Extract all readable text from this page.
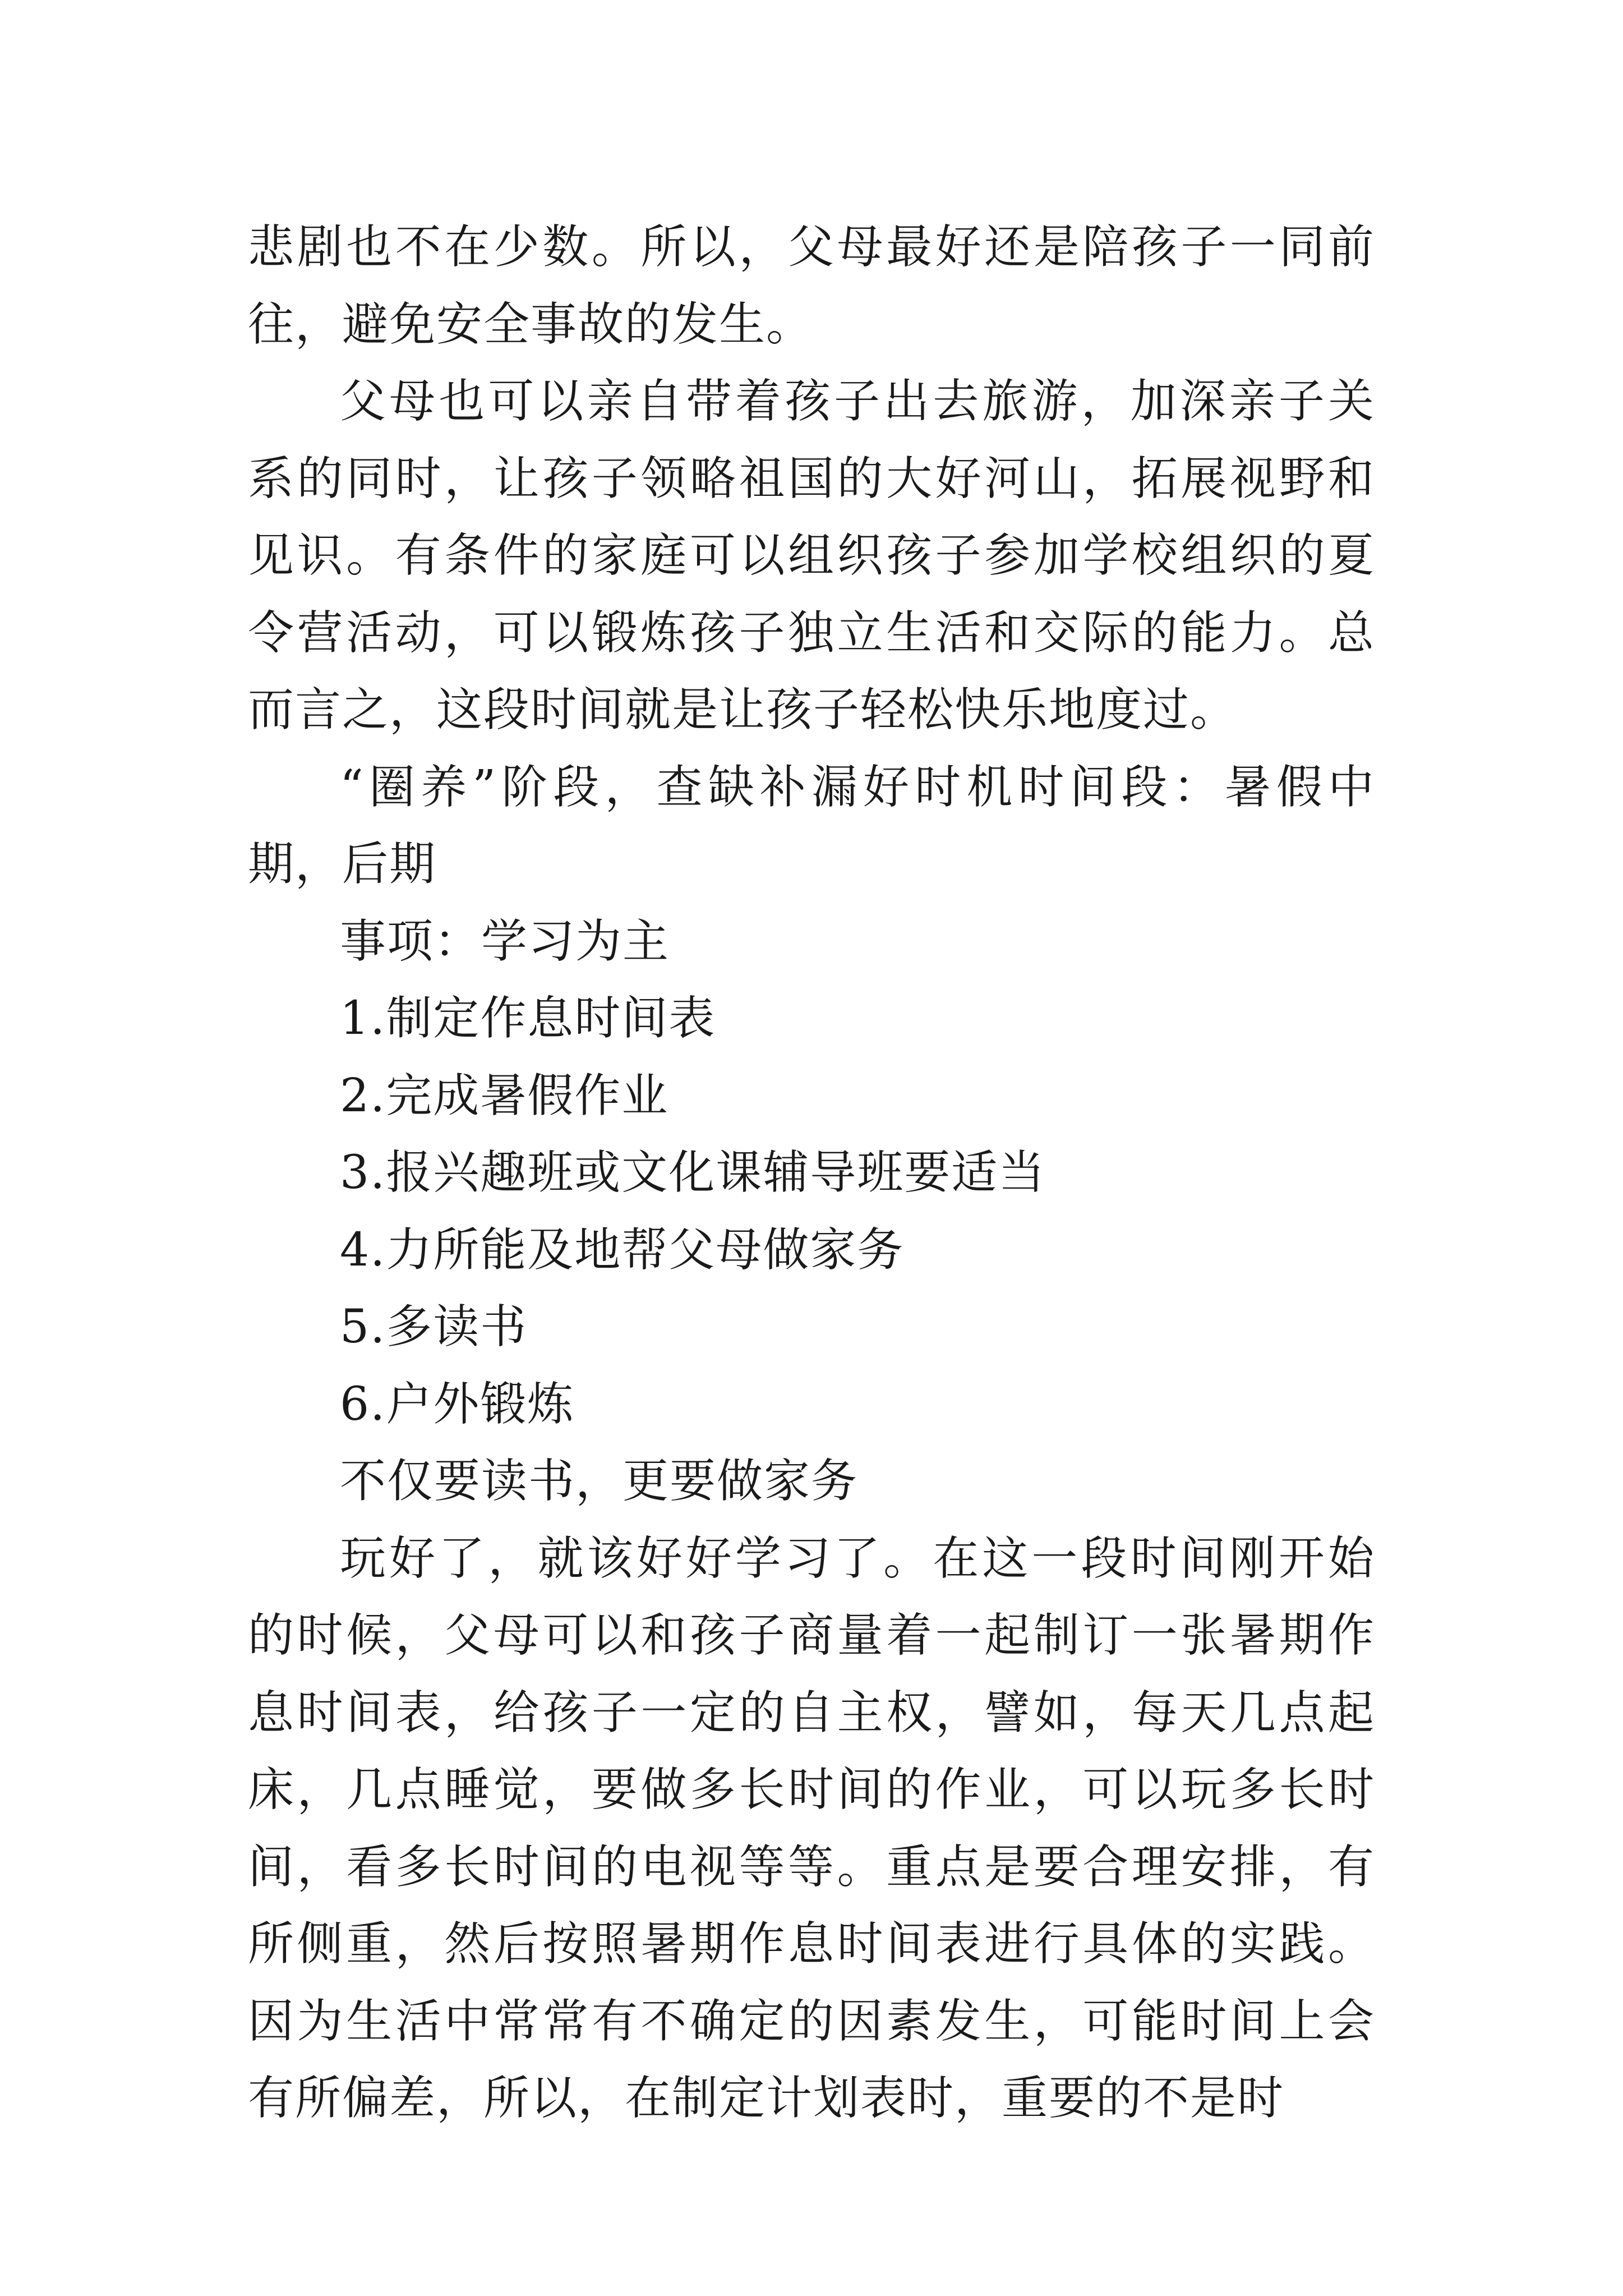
悲剧也不在少数。所以，父母最好还是陪孩子一同前往，避免安全事故的发生。

父母也可以亲自带着孩子出去旅游，加深亲子关系的同时，让孩子领略祖国的大好河山，拓展视野和见识。有条件的家庭可以组织孩子参加学校组织的夏令营活动，可以锻炼孩子独立生活和交际的能力。总而言之，这段时间就是让孩子轻松快乐地度过。

“圈养”阶段，查缺补漏好时机时间段：暑假中期，后期

事项：学习为主

1.制定作息时间表

2.完成暑假作业

3.报兴趣班或文化课辅导班要适当

4.力所能及地帮父母做家务

5.多读书

6.户外锻炼

不仅要读书，更要做家务

玩好了，就该好好学习了。在这一段时间刚开始的时候，父母可以和孩子商量着一起制订一张暑期作息时间表，给孩子一定的自主权，譬如，每天几点起床，几点睡觉，要做多长时间的作业，可以玩多长时间，看多长时间的电视等等。重点是要合理安排，有所侧重，然后按照暑期作息时间表进行具体的实践。因为生活中常常有不确定的因素发生，可能时间上会有所偏差，所以，在制定计划表时，重要的不是时
